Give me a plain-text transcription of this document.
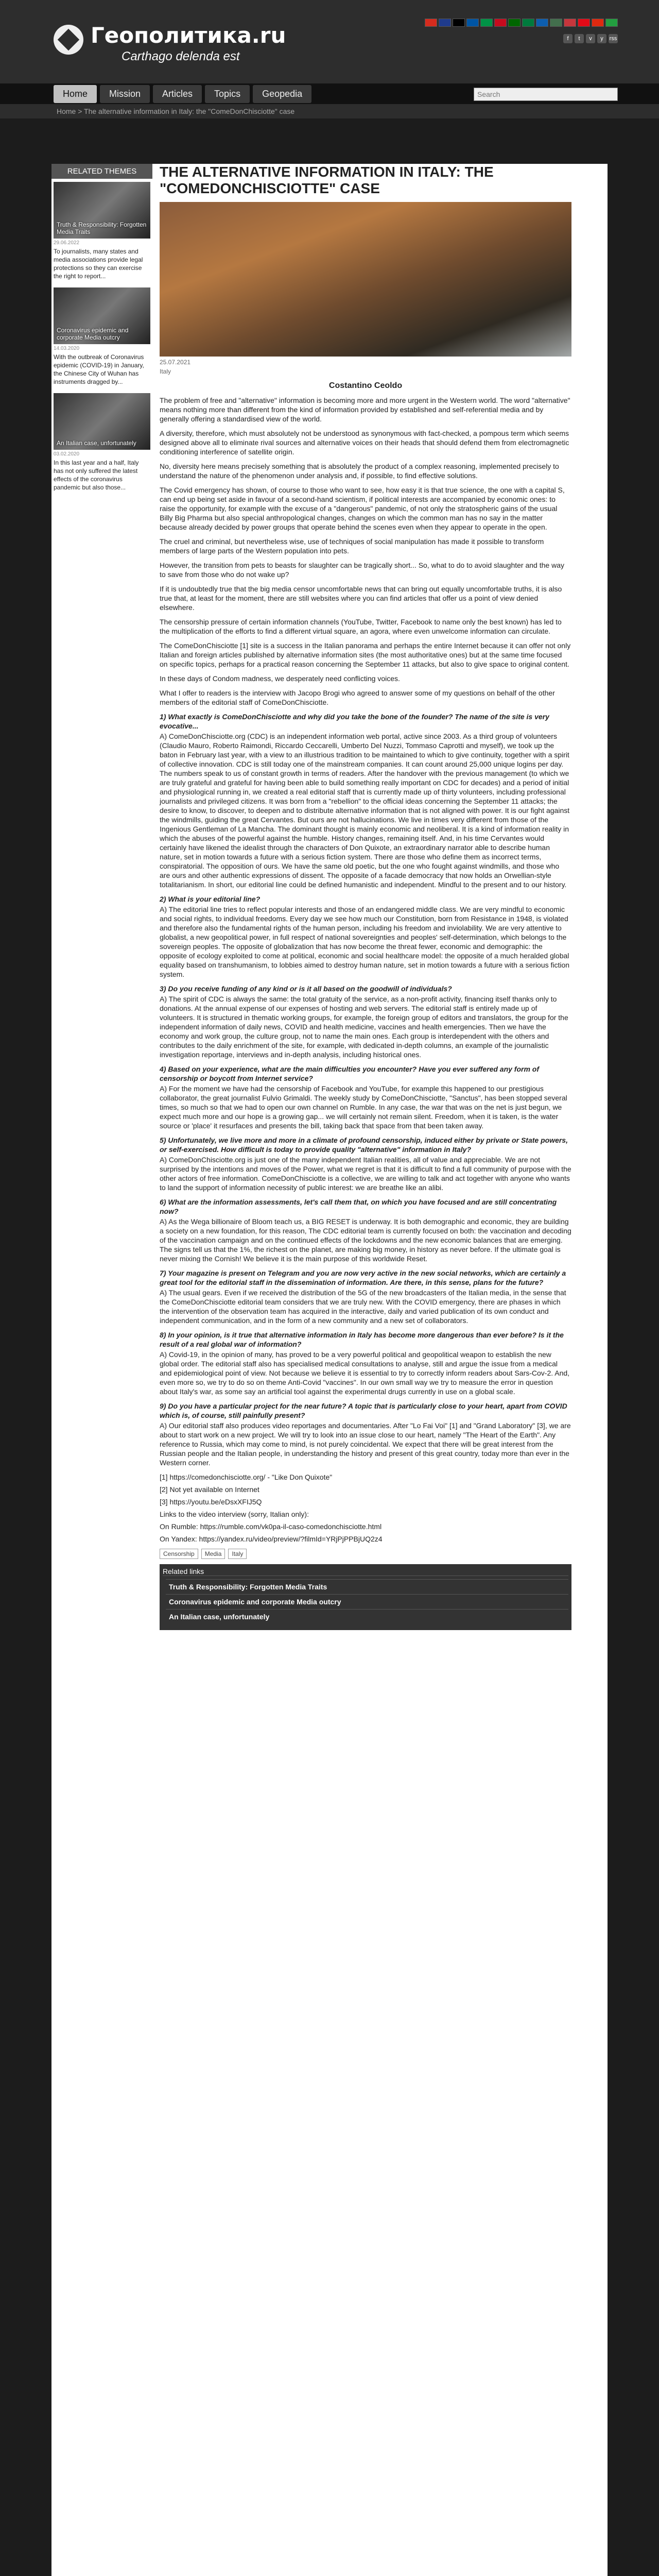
Геополитика.ru
Carthago delenda est
f	t	v	y	rss
Home	Mission	Articles	Topics	Geopedia
Search
Home > The alternative information in Italy: the "ComeDonChisciotte" case
RELATED THEMES
Truth & Responsibility: Forgotten Media Traits
29.06.2022
To journalists, many states and media associations provide legal protections so they can exercise the right to report...
Coronavirus epidemic and corporate Media outcry
14.03.2020
With the outbreak of Coronavirus epidemic (COVID-19) in January, the Chinese City of Wuhan has instruments dragged by...
An Italian case, unfortunately
03.02.2020
In this last year and a half, Italy has not only suffered the latest effects of the coronavirus pandemic but also those...
THE ALTERNATIVE INFORMATION IN ITALY: THE "COMEDONCHISCIOTTE" CASE
25.07.2021
Italy
Costantino Ceoldo

The problem of free and "alternative" information is becoming more and more urgent in the Western world. The word "alternative" means nothing more than different from the kind of information provided by established and self-referential media and by generally offering a standardised view of the world.

A diversity, therefore, which must absolutely not be understood as synonymous with fact-checked, a pompous term which seems designed above all to eliminate rival sources and alternative voices on their heads that should defend them from electromagnetic conditioning interference of satellite origin.

No, diversity here means precisely something that is absolutely the product of a complex reasoning, implemented precisely to understand the nature of the phenomenon under analysis and, if possible, to find effective solutions.

The Covid emergency has shown, of course to those who want to see, how easy it is that true science, the one with a capital S, can end up being set aside in favour of a second-hand scientism, if political interests are accompanied by economic ones: to raise the opportunity, for example with the excuse of a "dangerous" pandemic, of not only the stratospheric gains of the usual Billy Big Pharma but also special anthropological changes, changes on which the common man has no say in the matter because already decided by power groups that operate behind the scenes even when they appear to operate in the open.

The cruel and criminal, but nevertheless wise, use of techniques of social manipulation has made it possible to transform members of large parts of the Western population into pets.

However, the transition from pets to beasts for slaughter can be tragically short... So, what to do to avoid slaughter and the way to save from those who do not wake up?

If it is undoubtedly true that the big media censor uncomfortable news that can bring out equally uncomfortable truths, it is also true that, at least for the moment, there are still websites where you can find articles that offer us a point of view denied elsewhere.

The censorship pressure of certain information channels (YouTube, Twitter, Facebook to name only the best known) has led to the multiplication of the efforts to find a different virtual square, an agora, where even unwelcome information can circulate.

The ComeDonChisciotte [1] site is a success in the Italian panorama and perhaps the entire Internet because it can offer not only Italian and foreign articles published by alternative information sites (the most authoritative ones) but at the same time focused on specific topics, perhaps for a practical reason concerning the September 11 attacks, but also to give space to original content.

In these days of Condom madness, we desperately need conflicting voices.

What I offer to readers is the interview with Jacopo Brogi who agreed to answer some of my questions on behalf of the other members of the editorial staff of ComeDonChisciotte.

1) What exactly is ComeDonChisciotte and why did you take the bone of the founder? The name of the site is very evocative...

A) ComeDonChisciotte.org (CDC) is an independent information web portal, active since 2003. As a third group of volunteers (Claudio Mauro, Roberto Raimondi, Riccardo Ceccarelli, Umberto Del Nuzzi, Tommaso Caprotti and myself), we took up the baton in February last year, with a view to an illustrious tradition to be maintained to which to give continuity, together with a spirit of collective innovation. CDC is still today one of the mainstream companies. It can count around 25,000 unique logins per day. The numbers speak to us of constant growth in terms of readers. After the handover with the previous management (to which we are truly grateful and grateful for having been able to build something really important on CDC for decades) and a period of initial and physiological running in, we created a real editorial staff that is currently made up of thirty volunteers, including professional journalists and privileged citizens. It was born from a "rebellion" to the official ideas concerning the September 11 attacks; the desire to know, to discover, to deepen and to distribute alternative information that is not aligned with power. It is our fight against the windmills, guiding the great Cervantes. But ours are not hallucinations. We live in times very different from those of the Ingenious Gentleman of La Mancha. The dominant thought is mainly economic and neoliberal. It is a kind of information reality in which the abuses of the powerful against the humble. History changes, remaining itself. And, in his time Cervantes would certainly have likened the idealist through the characters of Don Quixote, an extraordinary narrator able to describe human nature, set in motion towards a future with a serious fiction system. There are those who define them as incorrect terms, conspiratorial. The opposition of ours. We have the same old poetic, but the one who fought against windmills, and those who are ours and other authentic expressions of dissent. The opposite of a facade democracy that now holds an Orwellian-style totalitarianism. In short, our editorial line could be defined humanistic and independent. Mindful to the present and to our history.

2) What is your editorial line?

A) The editorial line tries to reflect popular interests and those of an endangered middle class. We are very mindful to economic and social rights, to individual freedoms. Every day we see how much our Constitution, born from Resistance in 1948, is violated and therefore also the fundamental rights of the human person, including his freedom and inviolability. We are very attentive to globalist, a new geopolitical power, in full respect of national sovereignties and peoples' self-determination, which belongs to the sovereign peoples. The opposite of globalization that has now become the threat fewer, economic and demographic: the opposite of ecology exploited to come at political, economic and social healthcare model: the opposite of a much heralded global equality based on transhumanism, to lobbies aimed to destroy human nature, set in motion towards a future with a serious fiction system.

3) Do you receive funding of any kind or is it all based on the goodwill of individuals?

A) The spirit of CDC is always the same: the total gratuity of the service, as a non-profit activity, financing itself thanks only to donations. At the annual expense of our expenses of hosting and web servers. The editorial staff is entirely made up of volunteers. It is structured in thematic working groups, for example, the foreign group of editors and translators, the group for the independent information of daily news, COVID and health medicine, vaccines and health emergencies. Then we have the economy and work group, the culture group, not to name the main ones. Each group is interdependent with the others and contributes to the daily enrichment of the site, for example, with dedicated in-depth columns, an example of the journalistic investigation reportage, interviews and in-depth analysis, including historical ones.

4) Based on your experience, what are the main difficulties you encounter? Have you ever suffered any form of censorship or boycott from Internet service?

A) For the moment we have had the censorship of Facebook and YouTube, for example this happened to our prestigious collaborator, the great journalist Fulvio Grimaldi. The weekly study by ComeDonChisciotte, "Sanctus", has been stopped several times, so much so that we had to open our own channel on Rumble. In any case, the war that was on the net is just begun, we expect much more and our hope is a growing gap... we will certainly not remain silent. Freedom, when it is taken, is the water source or 'place' it resurfaces and presents the bill, taking back that space from that been taken away.

5) Unfortunately, we live more and more in a climate of profound censorship, induced either by private or State powers, or self-exercised. How difficult is today to provide quality "alternative" information in Italy?

A) ComeDonChisciotte.org is just one of the many independent Italian realities, all of value and appreciable. We are not surprised by the intentions and moves of the Power, what we regret is that it is difficult to find a full community of purpose with the other actors of free information. ComeDonChisciotte is a collective, we are willing to talk and act together with anyone who wants to land the support of information necessity of public interest: we are breathe like an alibi.

6) What are the information assessments, let's call them that, on which you have focused and are still concentrating now?

A) As the Wega billionaire of Bloom teach us, a BIG RESET is underway. It is both demographic and economic, they are building a society on a new foundation, for this reason, The CDC editorial team is currently focused on both: the vaccination and decoding of the vaccination campaign and on the continued effects of the lockdowns and the new economic balances that are emerging. The signs tell us that the 1%, the richest on the planet, are making big money, in history as never before. If the ultimate goal is never mixing the Cornish! We believe it is the main purpose of this worldwide Reset.

7) Your magazine is present on Telegram and you are now very active in the new social networks, which are certainly a great tool for the editorial staff in the dissemination of information. Are there, in this sense, plans for the future?

A) The usual gears. Even if we received the distribution of the 5G of the new broadcasters of the Italian media, in the sense that the ComeDonChisciotte editorial team considers that we are truly new. With the COVID emergency, there are phases in which the intervention of the observation team has acquired in the interactive, daily and varied publication of its own conduct and independent communication, and in the form of a new community and a new set of collaborators.

8) In your opinion, is it true that alternative information in Italy has become more dangerous than ever before? Is it the result of a real global war of information?

A) Covid-19, in the opinion of many, has proved to be a very powerful political and geopolitical weapon to establish the new global order. The editorial staff also has specialised medical consultations to analyse, still and argue the issue from a medical and epidemiological point of view. Not because we believe it is essential to try to correctly inform readers about Sars-Cov-2. And, even more so, we try to do so on theme Anti-Covid "vaccines". In our own small way we try to measure the error in question about Italy's war, as some say an artificial tool against the experimental drugs currently in use on a global scale.

9) Do you have a particular project for the near future? A topic that is particularly close to your heart, apart from COVID which is, of course, still painfully present?

A) Our editorial staff also produces video reportages and documentaries. After "Lo Fai Voi" [1] and "Grand Laboratory" [3], we are about to start work on a new project. We will try to look into an issue close to our heart, namely "The Heart of the Earth". Any reference to Russia, which may come to mind, is not purely coincidental. We expect that there will be great interest from the Russian people and the Italian people, in understanding the history and present of this great country, today more than ever in the Western corner.

[1] https://comedonchisciotte.org/ - "Like Don Quixote"

[2] Not yet available on Internet

[3] https://youtu.be/eDsxXFIJ5Q

Links to the video interview (sorry, Italian only):

On Rumble: https://rumble.com/vk0pa-il-caso-comedonchisciotte.html

On Yandex: https://yandex.ru/video/preview/?filmId=YRjPjPPBjUQ2z4

Censorship	Media	Italy
Related links
Truth & Responsibility: Forgotten Media Traits
Coronavirus epidemic and corporate Media outcry
An Italian case, unfortunately
